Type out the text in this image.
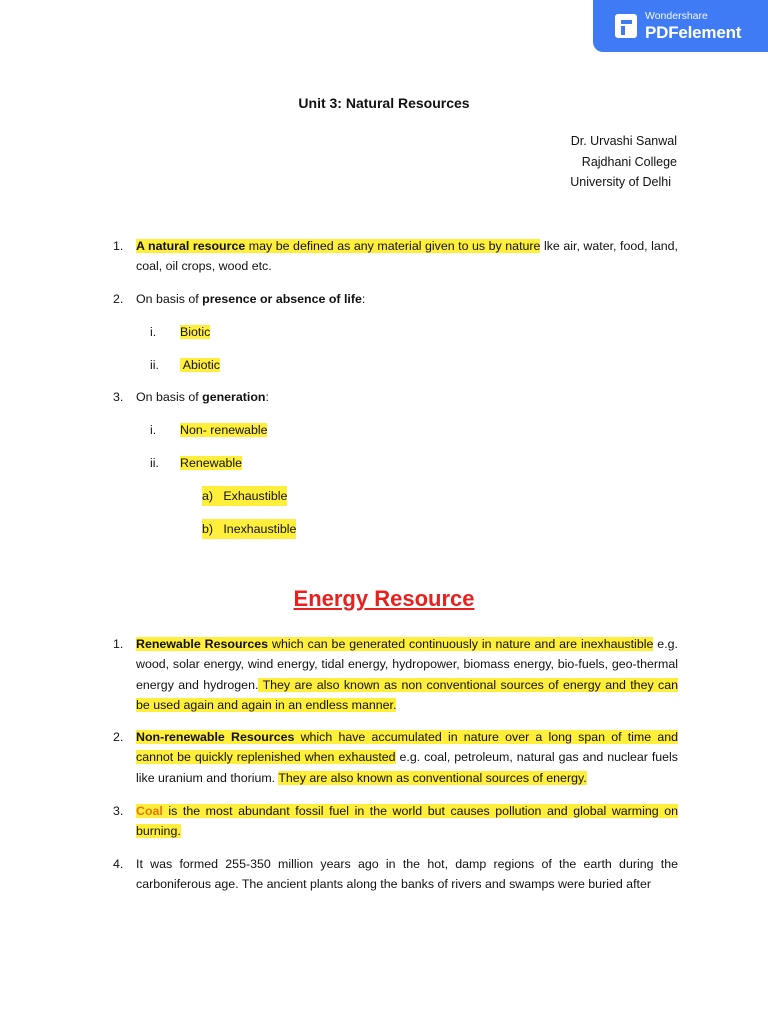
Wondershare
PDFelement
Unit 3: Natural Resources
Dr. Urvashi Sanwal
Rajdhani College
University of Delhi
1. A natural resource may be defined as any material given to us by nature lke air, water, food, land, coal, oil crops, wood etc.
2. On basis of presence or absence of life:
i. Biotic
ii. Abiotic
3. On basis of generation:
i. Non- renewable
ii. Renewable
a) Exhaustible
b) Inexhaustible
Energy Resource
1. Renewable Resources which can be generated continuously in nature and are inexhaustible e.g. wood, solar energy, wind energy, tidal energy, hydropower, biomass energy, bio-fuels, geo-thermal energy and hydrogen. They are also known as non conventional sources of energy and they can be used again and again in an endless manner.
2. Non-renewable Resources which have accumulated in nature over a long span of time and cannot be quickly replenished when exhausted e.g. coal, petroleum, natural gas and nuclear fuels like uranium and thorium. They are also known as conventional sources of energy.
3. Coal is the most abundant fossil fuel in the world but causes pollution and global warming on burning.
4. It was formed 255-350 million years ago in the hot, damp regions of the earth during the carboniferous age. The ancient plants along the banks of rivers and swamps were buried after
